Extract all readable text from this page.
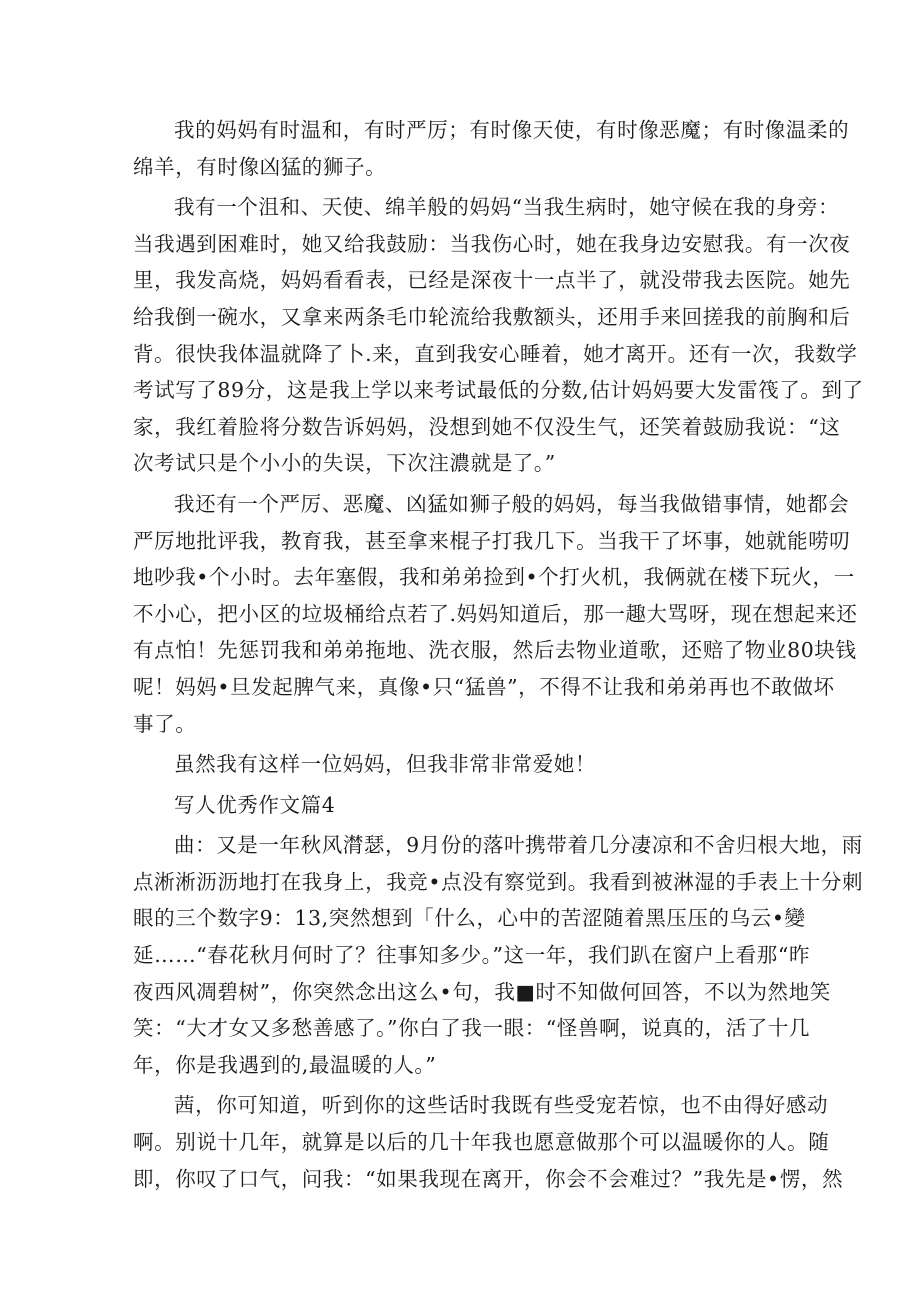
我的妈妈有时温和，有时严厉；有时像天使，有时像恶魔；有时像温柔的
绵羊，有时像凶猛的狮子。
我有一个沮和、天使、绵羊般的妈妈“当我生病时，她守候在我的身旁：
当我遇到困难时，她又给我鼓励：当我伤心时，她在我身边安慰我。有一次夜
里，我发高烧，妈妈看看表，已经是深夜十一点半了，就没带我去医院。她先
给我倒一碗水，又拿来两条毛巾轮流给我敷额头，还用手来回搓我的前胸和后
背。很快我体温就降了卜.来，直到我安心睡着，她才离开。还有一次，我数学
考试写了89分，这是我上学以来考试最低的分数,估计妈妈要大发雷筏了。到了
家，我红着脸将分数告诉妈妈，没想到她不仅没生气，还笑着鼓励我说：“这
次考试只是个小小的失误，下次注濃就是了。”
我还有一个严厉、恶魔、凶猛如狮子般的妈妈，每当我做错事情，她都会
严厉地批评我，教育我，甚至拿来棍子打我几下。当我干了坏事，她就能唠叨
地吵我•个小时。去年塞假，我和弟弟捡到•个打火机，我俩就在楼下玩火，一
不小心，把小区的垃圾桶给点若了.妈妈知道后，那一趣大骂呀，现在想起来还
有点怕！先惩罚我和弟弟拖地、洗衣服，然后去物业道歌，还赔了物业80块钱
呢！妈妈•旦发起脾气来，真像•只“猛兽”，不得不让我和弟弟再也不敢做坏
事了。
虽然我有这样一位妈妈，但我非常非常爱她！
写人优秀作文篇4
曲：又是一年秋风潸瑟，9月份的落叶携带着几分凄凉和不舍归根大地，雨
点淅淅沥沥地打在我身上，我竞•点没有察觉到。我看到被淋湿的手表上十分刺
眼的三个数字9：13,突然想到「什么，心中的苦涩随着黑压压的乌云•變
延……“春花秋月何时了？往事知多少。”这一年，我们趴在窗户上看那“昨
夜西风凋碧树”，你突然念出这么•句，我■时不知做何回答，不以为然地笑
笑：“大才女又多愁善感了。”你白了我一眼：“怪兽啊，说真的，活了十几
年，你是我遇到的,最温暖的人。”
茜，你可知道，听到你的这些话时我既有些受宠若惊，也不由得好感动
啊。别说十几年，就算是以后的几十年我也愿意做那个可以温暖你的人。随
即，你叹了口气，问我：“如果我现在离开，你会不会难过？”我先是•愣，然
